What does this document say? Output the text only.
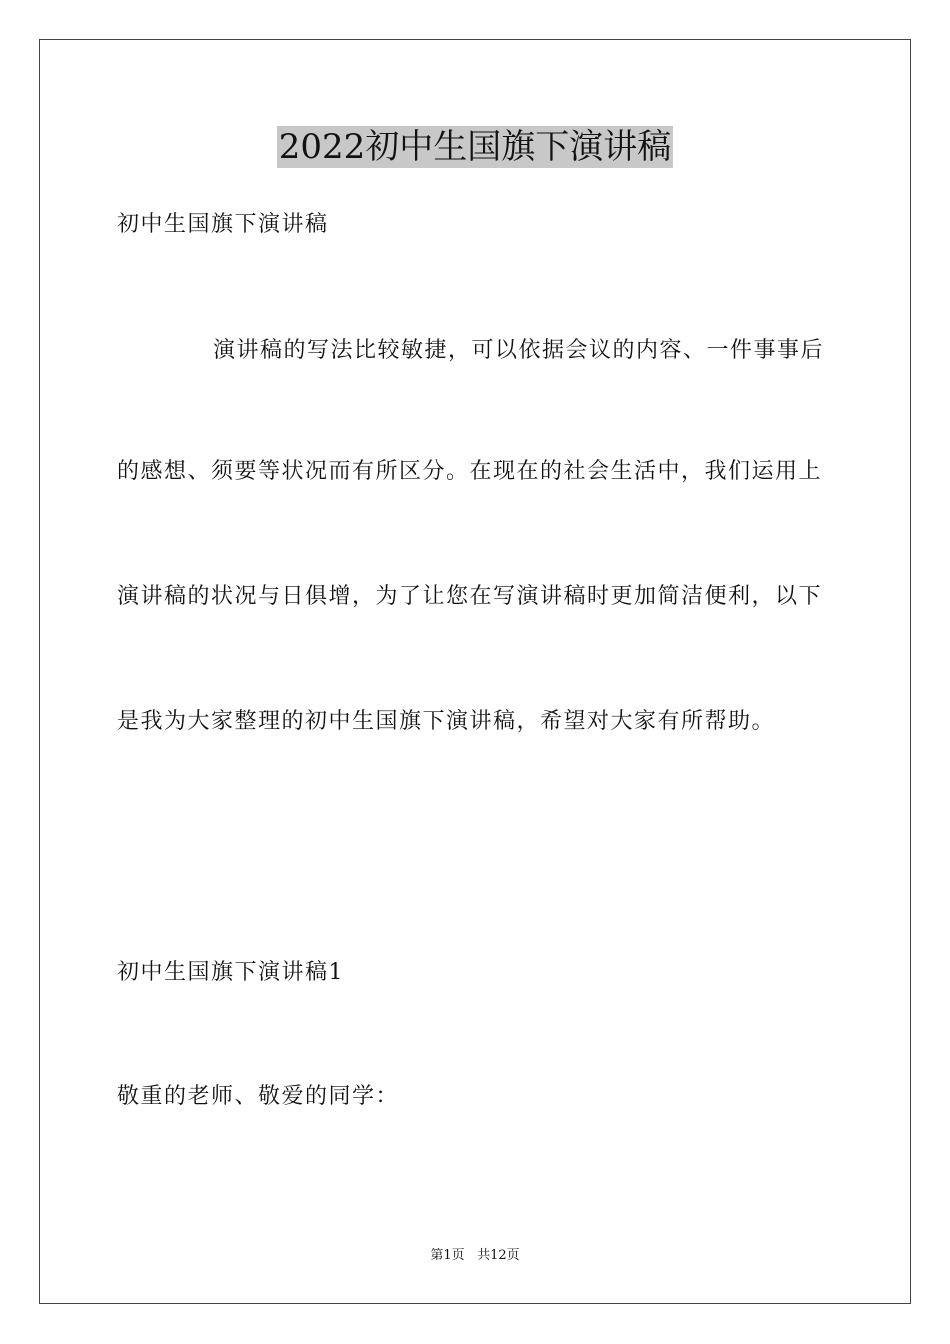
2022初中生国旗下演讲稿
初中生国旗下演讲稿
演讲稿的写法比较敏捷，可以依据会议的内容、一件事事后
的感想、须要等状况而有所区分。在现在的社会生活中，我们运用上
演讲稿的状况与日俱增，为了让您在写演讲稿时更加简洁便利，以下
是我为大家整理的初中生国旗下演讲稿，希望对大家有所帮助。
初中生国旗下演讲稿1
敬重的老师、敬爱的同学：
第1页 共12页
